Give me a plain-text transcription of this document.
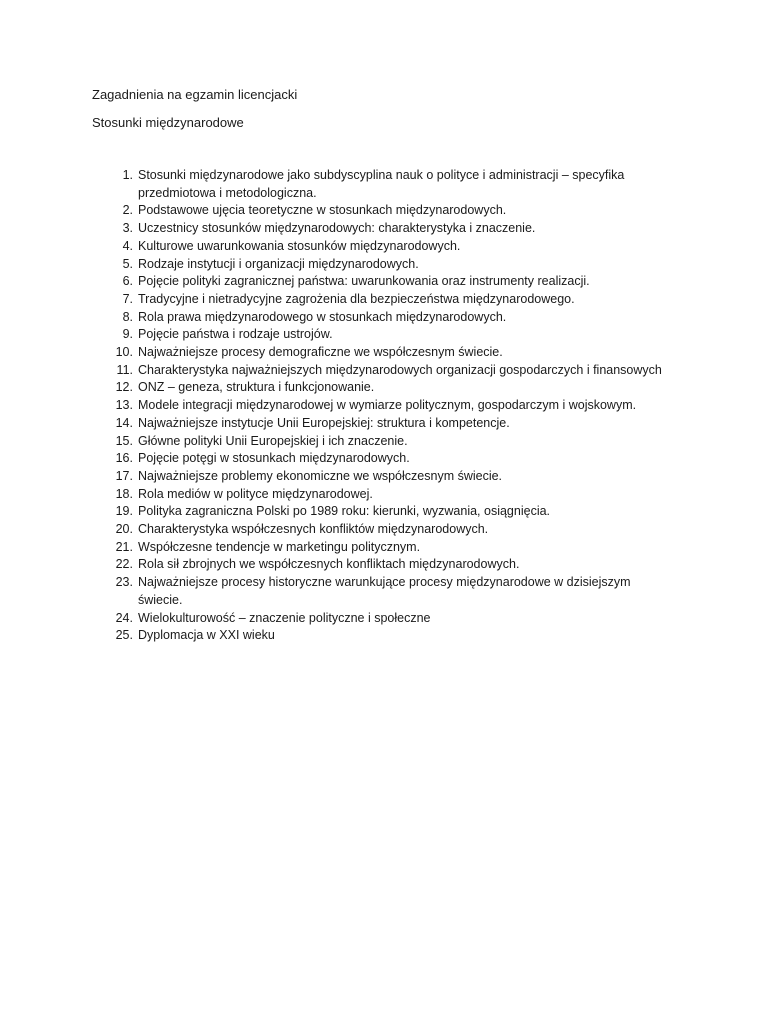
Zagadnienia na egzamin licencjacki
Stosunki międzynarodowe
1. Stosunki międzynarodowe jako subdyscyplina nauk o polityce i administracji – specyfika przedmiotowa i metodologiczna.
2. Podstawowe ujęcia teoretyczne w stosunkach międzynarodowych.
3. Uczestnicy stosunków międzynarodowych: charakterystyka i znaczenie.
4. Kulturowe uwarunkowania stosunków międzynarodowych.
5. Rodzaje instytucji i organizacji międzynarodowych.
6. Pojęcie polityki zagranicznej państwa: uwarunkowania oraz instrumenty realizacji.
7. Tradycyjne i nietradycyjne zagrożenia dla bezpieczeństwa międzynarodowego.
8. Rola prawa międzynarodowego w stosunkach międzynarodowych.
9. Pojęcie państwa i rodzaje ustrojów.
10. Najważniejsze procesy demograficzne we współczesnym świecie.
11. Charakterystyka najważniejszych międzynarodowych organizacji gospodarczych i finansowych
12. ONZ – geneza, struktura i funkcjonowanie.
13. Modele integracji międzynarodowej w wymiarze politycznym, gospodarczym i wojskowym.
14. Najważniejsze instytucje Unii Europejskiej: struktura i kompetencje.
15. Główne polityki Unii Europejskiej i ich znaczenie.
16. Pojęcie potęgi w stosunkach międzynarodowych.
17. Najważniejsze problemy ekonomiczne we współczesnym świecie.
18. Rola mediów w polityce międzynarodowej.
19. Polityka zagraniczna Polski po 1989 roku: kierunki, wyzwania, osiągnięcia.
20. Charakterystyka współczesnych konfliktów międzynarodowych.
21. Współczesne tendencje w marketingu politycznym.
22. Rola sił zbrojnych we współczesnych konfliktach międzynarodowych.
23. Najważniejsze procesy historyczne warunkujące procesy międzynarodowe w dzisiejszym świecie.
24. Wielokulturowość – znaczenie polityczne i społeczne
25. Dyplomacja w XXI wieku
